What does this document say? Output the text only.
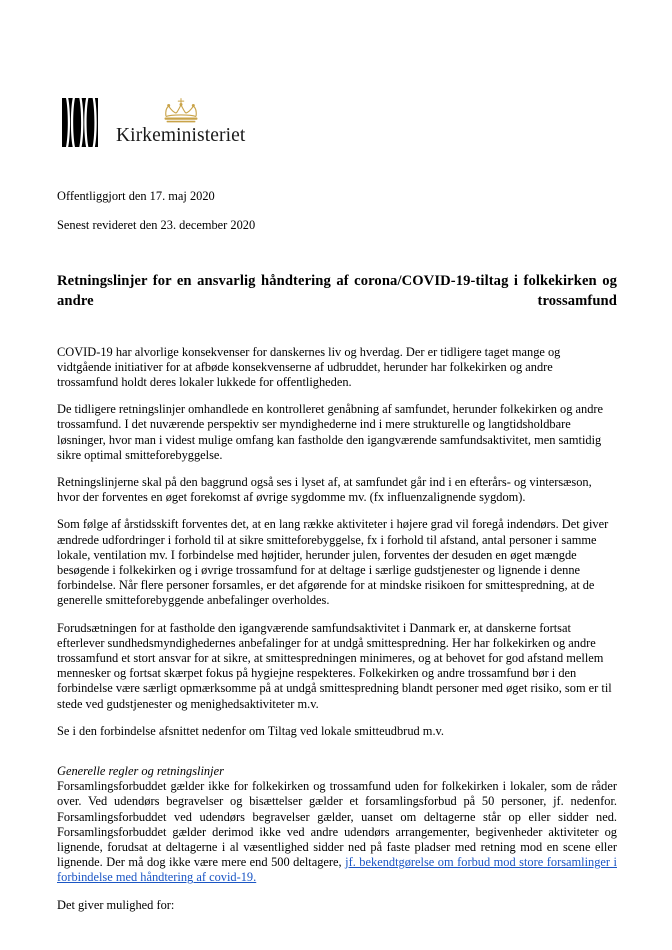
Kirkeministeriet

Offentliggjort den 17. maj 2020

Senest revideret den 23. december 2020

Retningslinjer for en ansvarlig håndtering af corona/COVID-19-tiltag i folkekirken og andre trossamfund

COVID-19 har alvorlige konsekvenser for danskernes liv og hverdag. Der er tidligere taget mange og vidtgående initiativer for at afbøde konsekvenserne af udbruddet, herunder har folkekirken og andre trossamfund holdt deres lokaler lukkede for offentligheden.

De tidligere retningslinjer omhandlede en kontrolleret genåbning af samfundet, herunder folkekirken og andre trossamfund. I det nuværende perspektiv ser myndighederne ind i mere strukturelle og langtidsholdbare løsninger, hvor man i videst mulige omfang kan fastholde den igangværende samfundsaktivitet, men samtidig sikre optimal smitteforebyggelse.

Retningslinjerne skal på den baggrund også ses i lyset af, at samfundet går ind i en efterårs- og vintersæson, hvor der forventes en øget forekomst af øvrige sygdomme mv. (fx influenzalignende sygdom).

Som følge af årstidsskift forventes det, at en lang række aktiviteter i højere grad vil foregå indendørs. Det giver ændrede udfordringer i forhold til at sikre smitteforebyggelse, fx i forhold til afstand, antal personer i samme lokale, ventilation mv. I forbindelse med højtider, herunder julen, forventes der desuden en øget mængde besøgende i folkekirken og i øvrige trossamfund for at deltage i særlige gudstjenester og lignende i denne forbindelse. Når flere personer forsamles, er det afgørende for at mindske risikoen for smittespredning, at de generelle smitteforebyggende anbefalinger overholdes.

Forudsætningen for at fastholde den igangværende samfundsaktivitet i Danmark er, at danskerne fortsat efterlever sundhedsmyndighedernes anbefalinger for at undgå smittespredning. Her har folkekirken og andre trossamfund et stort ansvar for at sikre, at smittespredningen minimeres, og at behovet for god afstand mellem mennesker og fortsat skærpet fokus på hygiejne respekteres. Folkekirken og andre trossamfund bør i den forbindelse være særligt opmærksomme på at undgå smittespredning blandt personer med øget risiko, som er til stede ved gudstjenester og menighedsaktiviteter m.v.

Se i den forbindelse afsnittet nedenfor om Tiltag ved lokale smitteudbrud m.v.

Generelle regler og retningslinjer

Forsamlingsforbuddet gælder ikke for folkekirken og trossamfund uden for folkekirken i lokaler, som de råder over. Ved udendørs begravelser og bisættelser gælder et forsamlingsforbud på 50 personer, jf. nedenfor. Forsamlingsforbuddet ved udendørs begravelser gælder, uanset om deltagerne står op eller sidder ned. Forsamlingsforbuddet gælder derimod ikke ved andre udendørs arrangementer, begivenheder aktiviteter og lignende, forudsat at deltagerne i al væsentlighed sidder ned på faste pladser med retning mod en scene eller lignende. Der må dog ikke være mere end 500 deltagere, jf. bekendtgørelse om forbud mod store forsamlinger i forbindelse med håndtering af covid-19.

Det giver mulighed for:
